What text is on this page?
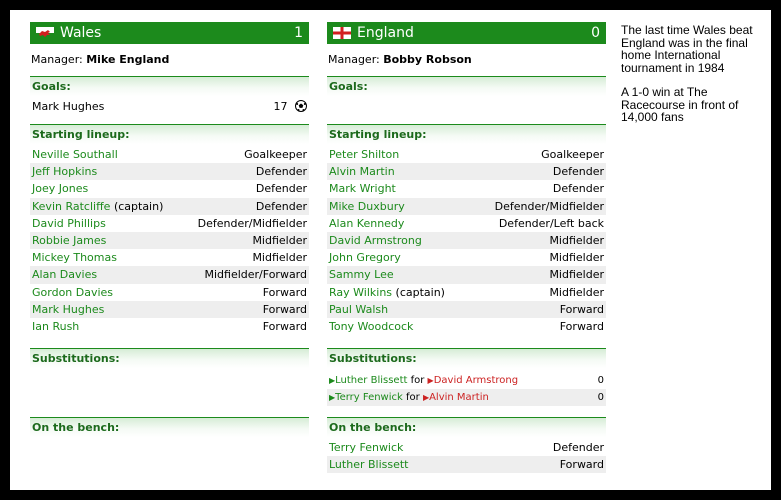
Wales	1
Manager: Mike England
Goals:
Mark Hughes	17
Starting lineup:
Neville Southall	Goalkeeper
Jeff Hopkins	Defender
Joey Jones	Defender
Kevin Ratcliffe (captain)	Defender
David Phillips	Defender/Midfielder
Robbie James	Midfielder
Mickey Thomas	Midfielder
Alan Davies	Midfielder/Forward
Gordon Davies	Forward
Mark Hughes	Forward
Ian Rush	Forward
Substitutions:
On the bench:
England	0
Manager: Bobby Robson
Goals:
Starting lineup:
Peter Shilton	Goalkeeper
Alvin Martin	Defender
Mark Wright	Defender
Mike Duxbury	Defender/Midfielder
Alan Kennedy	Defender/Left back
David Armstrong	Midfielder
John Gregory	Midfielder
Sammy Lee	Midfielder
Ray Wilkins (captain)	Midfielder
Paul Walsh	Forward
Tony Woodcock	Forward
Substitutions:
▶Luther Blissett for ▶David Armstrong	0
▶Terry Fenwick for ▶Alvin Martin	0
On the bench:
Terry Fenwick	Defender
Luther Blissett	Forward

The last time Wales beat England was in the final home International tournament in 1984

A 1-0 win at The Racecourse in front of 14,000 fans
